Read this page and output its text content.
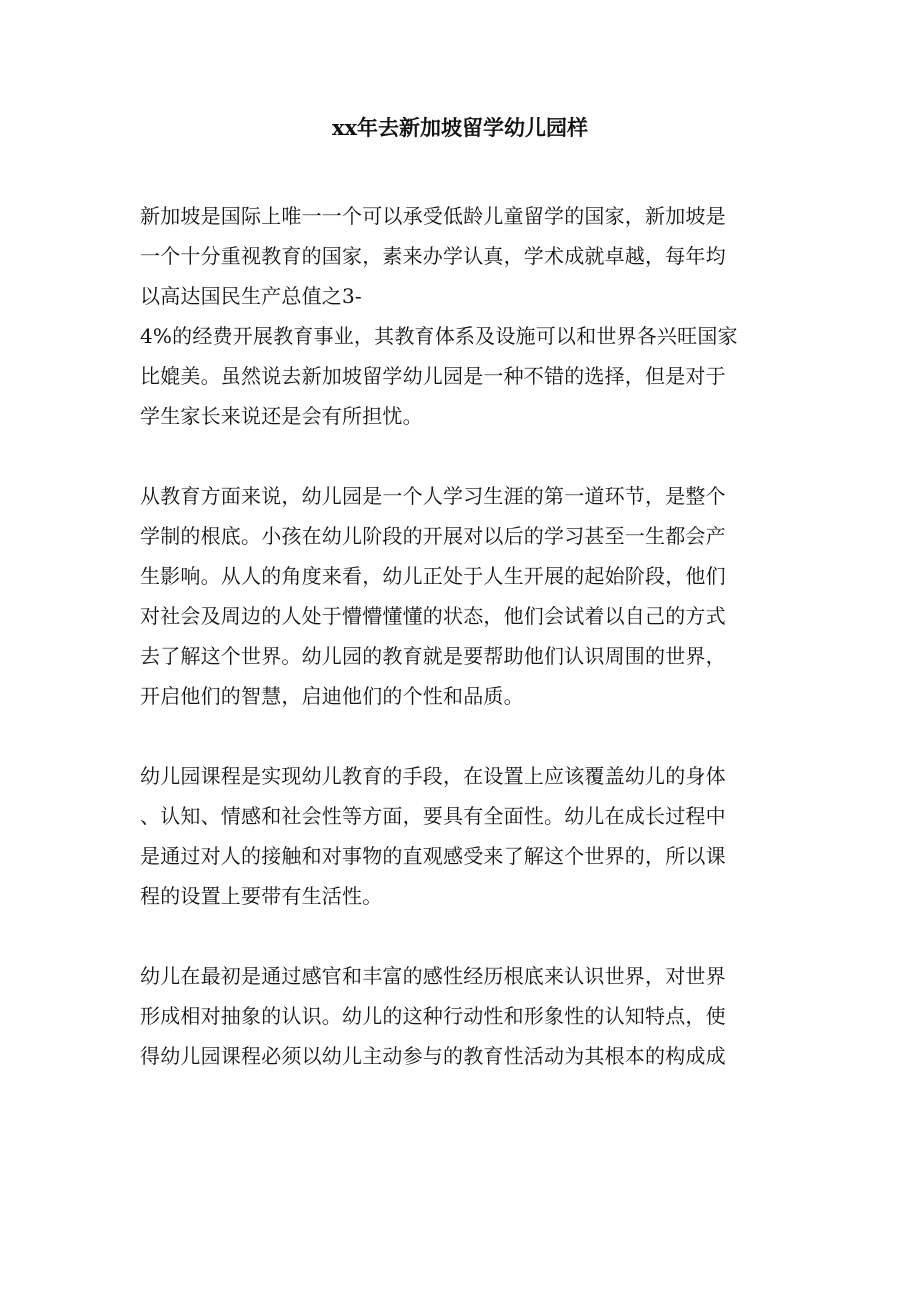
xx年去新加坡留学幼儿园样

新加坡是国际上唯一一个可以承受低龄儿童留学的国家，新加坡是
一个十分重视教育的国家，素来办学认真，学术成就卓越，每年均
以高达国民生产总值之3-
4%的经费开展教育事业，其教育体系及设施可以和世界各兴旺国家
比媲美。虽然说去新加坡留学幼儿园是一种不错的选择，但是对于
学生家长来说还是会有所担忧。

从教育方面来说，幼儿园是一个人学习生涯的第一道环节，是整个
学制的根底。小孩在幼儿阶段的开展对以后的学习甚至一生都会产
生影响。从人的角度来看，幼儿正处于人生开展的起始阶段，他们
对社会及周边的人处于懵懵懂懂的状态，他们会试着以自己的方式
去了解这个世界。幼儿园的教育就是要帮助他们认识周围的世界，
开启他们的智慧，启迪他们的个性和品质。

幼儿园课程是实现幼儿教育的手段，在设置上应该覆盖幼儿的身体
、认知、情感和社会性等方面，要具有全面性。幼儿在成长过程中
是通过对人的接触和对事物的直观感受来了解这个世界的，所以课
程的设置上要带有生活性。

幼儿在最初是通过感官和丰富的感性经历根底来认识世界，对世界
形成相对抽象的认识。幼儿的这种行动性和形象性的认知特点，使
得幼儿园课程必须以幼儿主动参与的教育性活动为其根本的构成成
